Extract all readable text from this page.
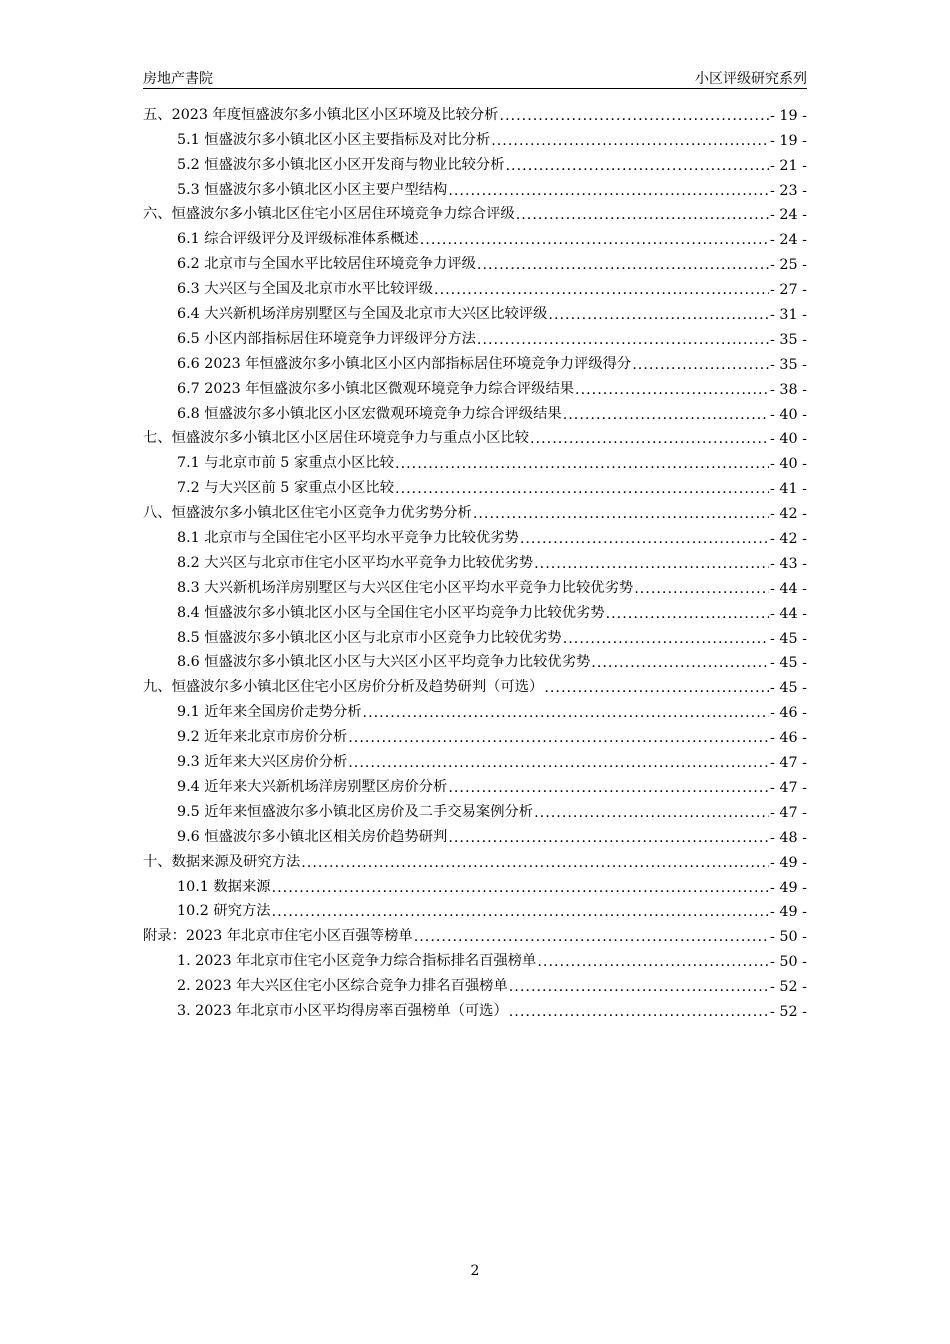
房地产書院	小区评级研究系列
五、2023 年度恒盛波尔多小镇北区小区环境及比较分析 .....	- 19 -
5.1 恒盛波尔多小镇北区小区主要指标及对比分析 .....	- 19 -
5.2 恒盛波尔多小镇北区小区开发商与物业比较分析 .....	- 21 -
5.3 恒盛波尔多小镇北区小区主要户型结构 .....	- 23 -
六、恒盛波尔多小镇北区住宅小区居住环境竞争力综合评级 .....	- 24 -
6.1 综合评级评分及评级标准体系概述 .....	- 24 -
6.2 北京市与全国水平比较居住环境竞争力评级 .....	- 25 -
6.3 大兴区与全国及北京市水平比较评级 .....	- 27 -
6.4 大兴新机场洋房别墅区与全国及北京市大兴区比较评级 .....	- 31 -
6.5 小区内部指标居住环境竞争力评级评分方法 .....	- 35 -
6.6 2023 年恒盛波尔多小镇北区小区内部指标居住环境竞争力评级得分 .....	- 35 -
6.7 2023 年恒盛波尔多小镇北区微观环境竞争力综合评级结果 .....	- 38 -
6.8 恒盛波尔多小镇北区小区宏微观环境竞争力综合评级结果 .....	- 40 -
七、恒盛波尔多小镇北区小区居住环境竞争力与重点小区比较 .....	- 40 -
7.1 与北京市前 5 家重点小区比较 .....	- 40 -
7.2 与大兴区前 5 家重点小区比较 .....	- 41 -
八、恒盛波尔多小镇北区住宅小区竞争力优劣势分析 .....	- 42 -
8.1 北京市与全国住宅小区平均水平竞争力比较优劣势 .....	- 42 -
8.2 大兴区与北京市住宅小区平均水平竞争力比较优劣势 .....	- 43 -
8.3 大兴新机场洋房别墅区与大兴区住宅小区平均水平竞争力比较优劣势 .....	- 44 -
8.4 恒盛波尔多小镇北区小区与全国住宅小区平均竞争力比较优劣势 .....	- 44 -
8.5 恒盛波尔多小镇北区小区与北京市小区竞争力比较优劣势 .....	- 45 -
8.6 恒盛波尔多小镇北区小区与大兴区小区平均竞争力比较优劣势 .....	- 45 -
九、恒盛波尔多小镇北区住宅小区房价分析及趋势研判（可选） .....	- 45 -
9.1 近年来全国房价走势分析 .....	- 46 -
9.2 近年来北京市房价分析 .....	- 46 -
9.3 近年来大兴区房价分析 .....	- 47 -
9.4 近年来大兴新机场洋房别墅区房价分析 .....	- 47 -
9.5 近年来恒盛波尔多小镇北区房价及二手交易案例分析 .....	- 47 -
9.6 恒盛波尔多小镇北区相关房价趋势研判 .....	- 48 -
十、数据来源及研究方法 .....	- 49 -
10.1 数据来源 .....	- 49 -
10.2 研究方法 .....	- 49 -
附录：2023 年北京市住宅小区百强等榜单 .....	- 50 -
1. 2023 年北京市住宅小区竞争力综合指标排名百强榜单 .....	- 50 -
2. 2023 年大兴区住宅小区综合竞争力排名百强榜单 .....	- 52 -
3. 2023 年北京市小区平均得房率百强榜单（可选） .....	- 52 -
2
